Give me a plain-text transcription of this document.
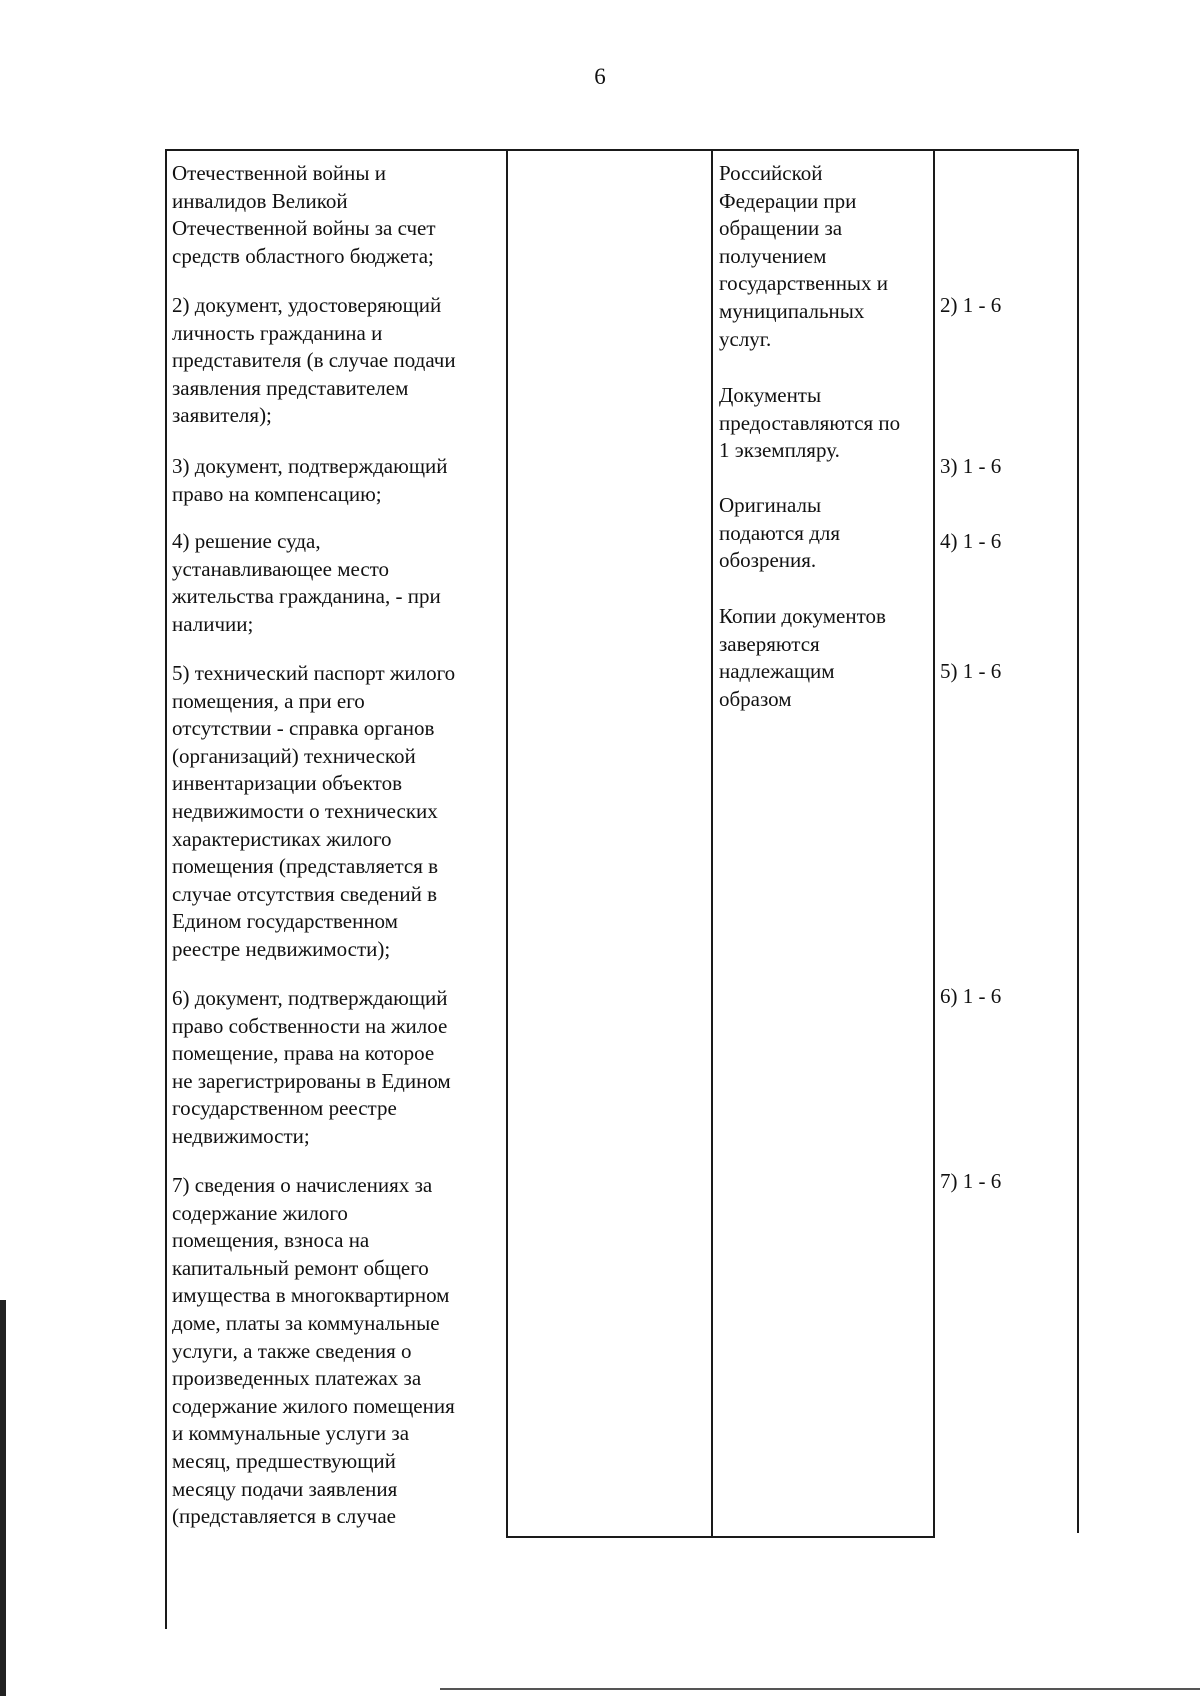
6
Отечественной войны и
инвалидов Великой
Отечественной войны за счет
средств областного бюджета;
2) документ, удостоверяющий
личность гражданина и
представителя (в случае подачи
заявления представителем
заявителя);
3) документ, подтверждающий
право на компенсацию;
4) решение суда,
устанавливающее место
жительства гражданина, - при
наличии;
5) технический паспорт жилого
помещения, а при его
отсутствии - справка органов
(организаций) технической
инвентаризации объектов
недвижимости о технических
характеристиках жилого
помещения (представляется в
случае отсутствия сведений в
Едином государственном
реестре недвижимости);
6) документ, подтверждающий
право собственности на жилое
помещение, права на которое
не зарегистрированы в Едином
государственном реестре
недвижимости;
7) сведения о начислениях за
содержание жилого
помещения, взноса на
капитальный ремонт общего
имущества в многоквартирном
доме, платы за коммунальные
услуги, а также сведения о
произведенных платежах за
содержание жилого помещения
и коммунальные услуги за
месяц, предшествующий
месяцу подачи заявления
(представляется в случае
Российской
Федерации при
обращении за
получением
государственных и
муниципальных
услуг.
Документы
предоставляются по
1 экземпляру.
Оригиналы
подаются для
обозрения.
Копии документов
заверяются
надлежащим
образом
2) 1 - 6
3) 1 - 6
4) 1 - 6
5) 1 - 6
6) 1 - 6
7) 1 - 6
